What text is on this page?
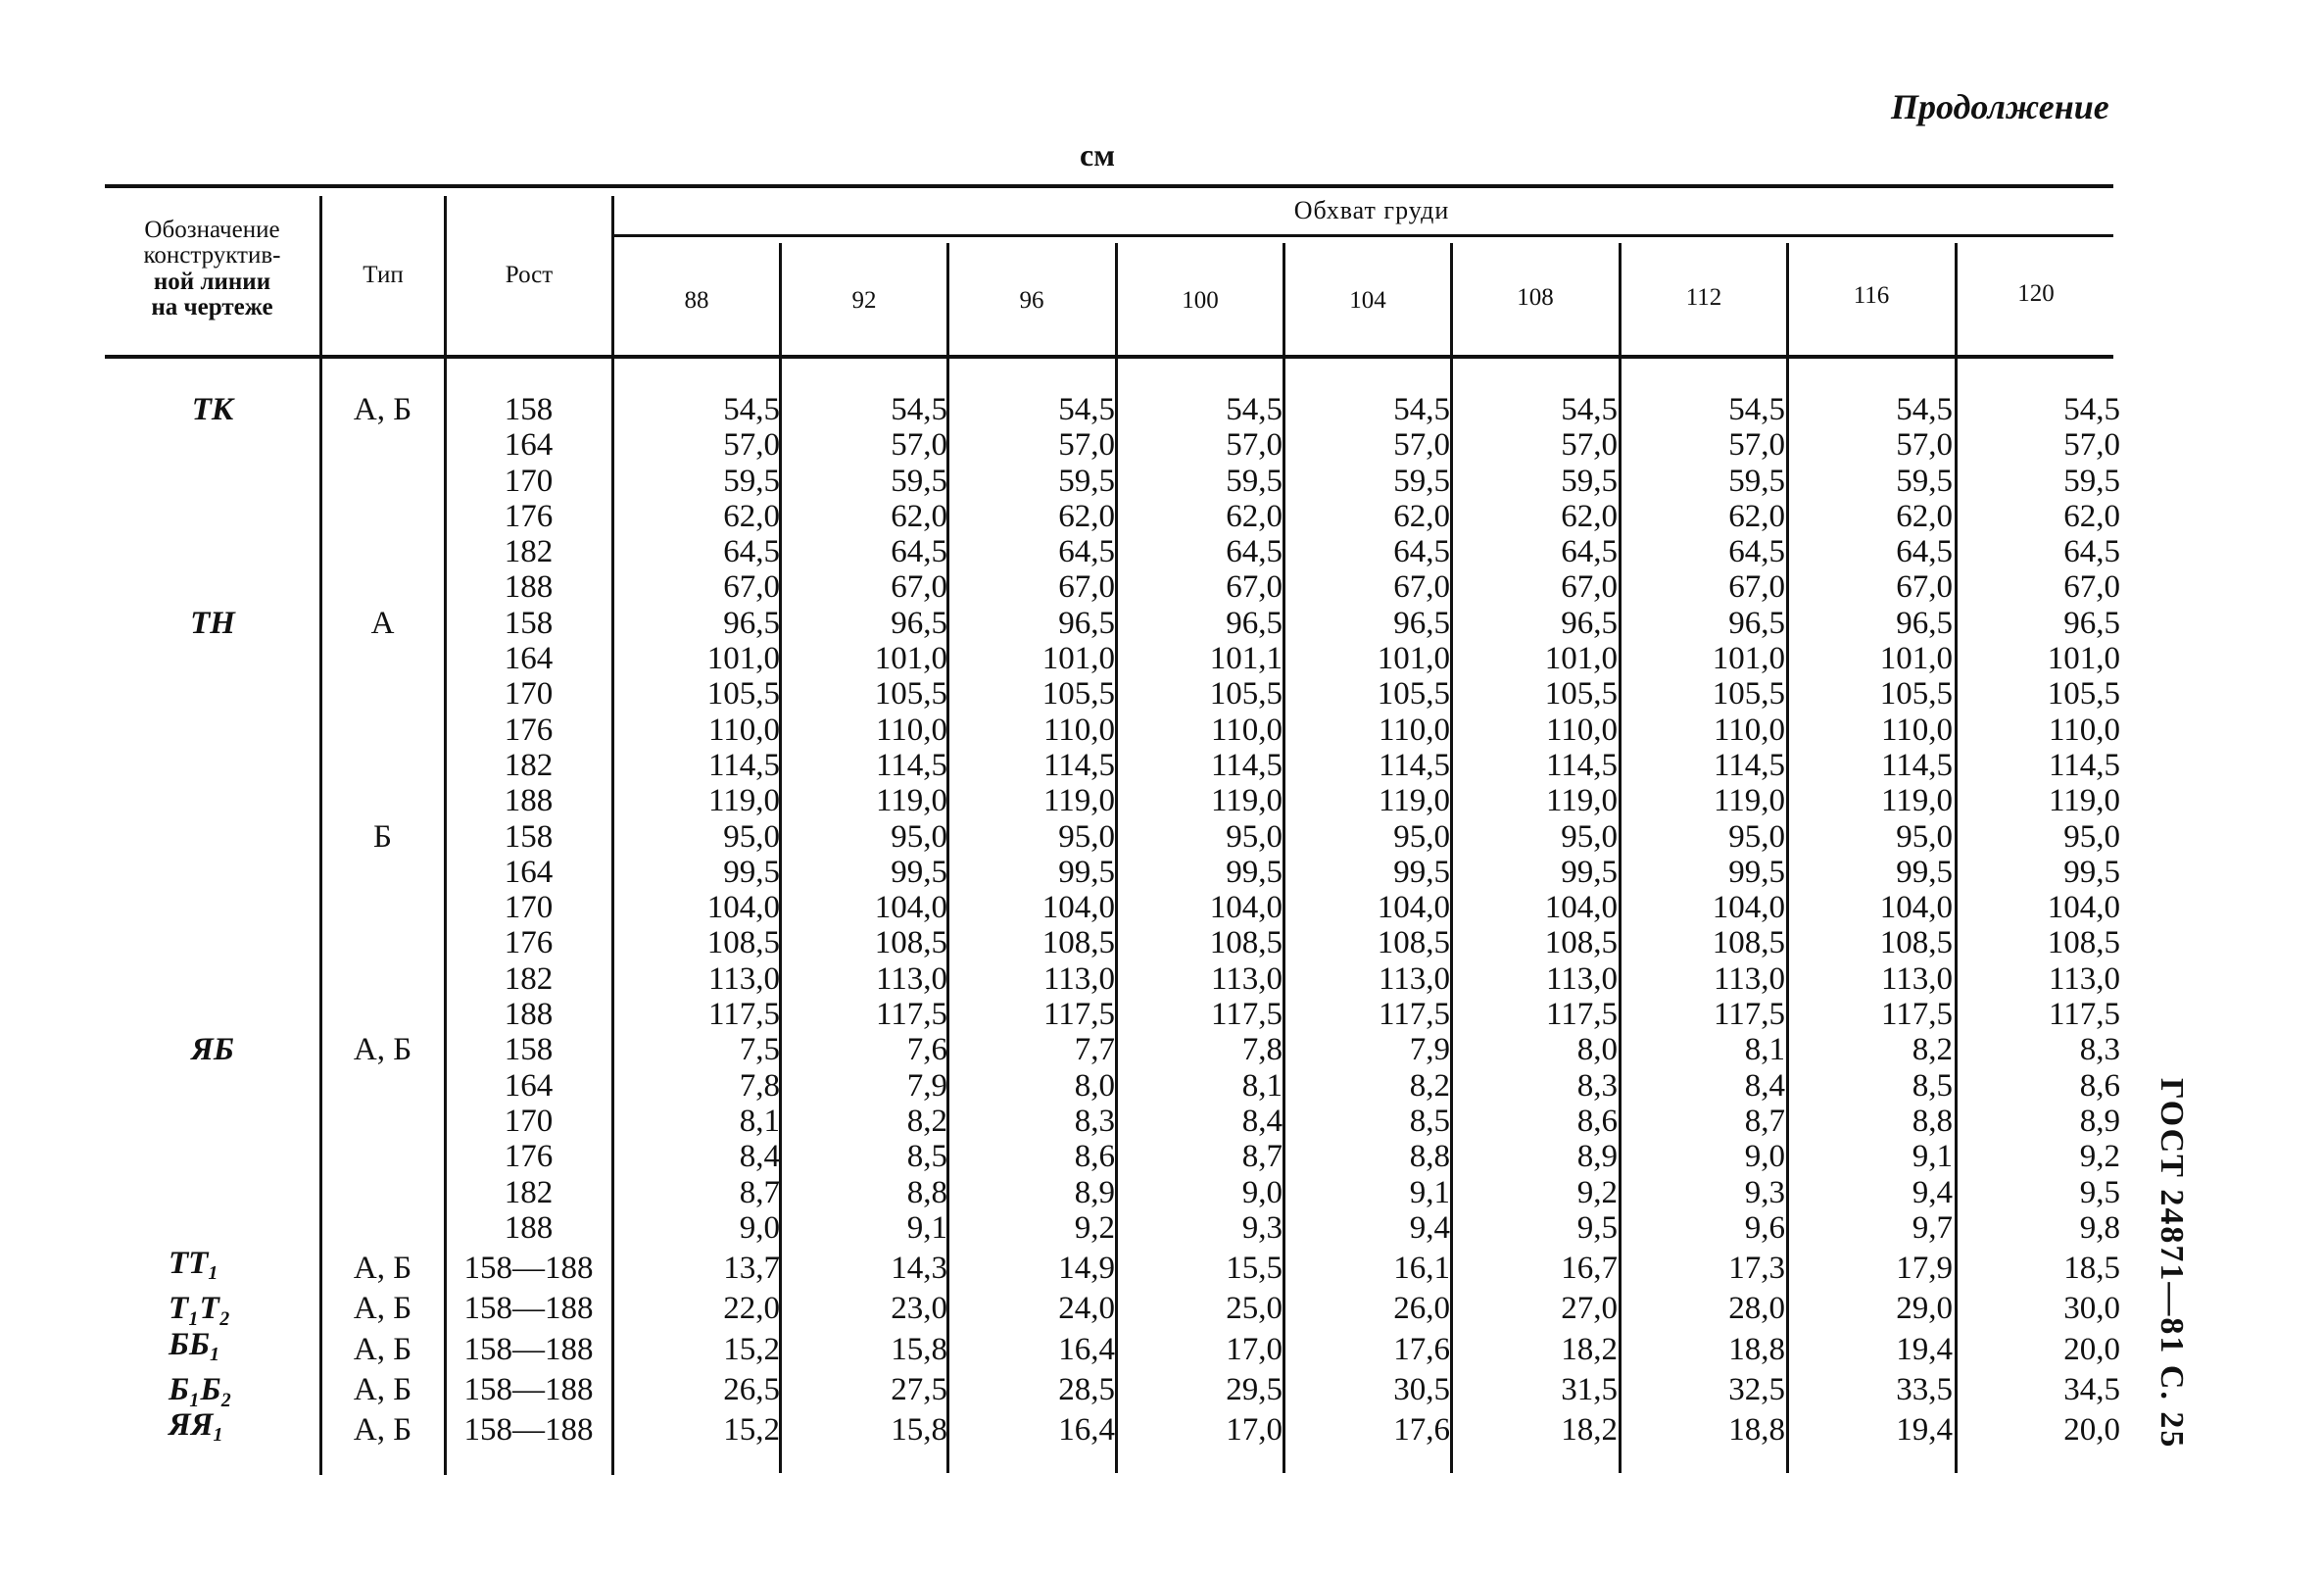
Продолжение
см
Обозначение
конструктив-
ной линии
на чертеже
Тип	Рост
Обхват груди
88	92	96	100	104	108	112	116	120
ТК	А, Б	158	54,5	54,5	54,5	54,5	54,5	54,5	54,5	54,5	54,5
		164	57,0	57,0	57,0	57,0	57,0	57,0	57,0	57,0	57,0
		170	59,5	59,5	59,5	59,5	59,5	59,5	59,5	59,5	59,5
		176	62,0	62,0	62,0	62,0	62,0	62,0	62,0	62,0	62,0
		182	64,5	64,5	64,5	64,5	64,5	64,5	64,5	64,5	64,5
		188	67,0	67,0	67,0	67,0	67,0	67,0	67,0	67,0	67,0
ТН	А	158	96,5	96,5	96,5	96,5	96,5	96,5	96,5	96,5	96,5
		164	101,0	101,0	101,0	101,1	101,0	101,0	101,0	101,0	101,0
		170	105,5	105,5	105,5	105,5	105,5	105,5	105,5	105,5	105,5
		176	110,0	110,0	110,0	110,0	110,0	110,0	110,0	110,0	110,0
		182	114,5	114,5	114,5	114,5	114,5	114,5	114,5	114,5	114,5
		188	119,0	119,0	119,0	119,0	119,0	119,0	119,0	119,0	119,0
	Б	158	95,0	95,0	95,0	95,0	95,0	95,0	95,0	95,0	95,0
		164	99,5	99,5	99,5	99,5	99,5	99,5	99,5	99,5	99,5
		170	104,0	104,0	104,0	104,0	104,0	104,0	104,0	104,0	104,0
		176	108,5	108,5	108,5	108,5	108,5	108,5	108,5	108,5	108,5
		182	113,0	113,0	113,0	113,0	113,0	113,0	113,0	113,0	113,0
		188	117,5	117,5	117,5	117,5	117,5	117,5	117,5	117,5	117,5
ЯБ	А, Б	158	7,5	7,6	7,7	7,8	7,9	8,0	8,1	8,2	8,3
		164	7,8	7,9	8,0	8,1	8,2	8,3	8,4	8,5	8,6
		170	8,1	8,2	8,3	8,4	8,5	8,6	8,7	8,8	8,9
		176	8,4	8,5	8,6	8,7	8,8	8,9	9,0	9,1	9,2
		182	8,7	8,8	8,9	9,0	9,1	9,2	9,3	9,4	9,5
		188	9,0	9,1	9,2	9,3	9,4	9,5	9,6	9,7	9,8
$ТТ_1$	А, Б	158—188	13,7	14,3	14,9	15,5	16,1	16,7	17,3	17,9	18,5
Т₁Т₂	А, Б	158—188	22,0	23,0	24,0	25,0	26,0	27,0	28,0	29,0	30,0
$ББ_1$	А, Б	158—188	15,2	15,8	16,4	17,0	17,6	18,2	18,8	19,4	20,0
Б₁Б₂	А, Б	158—188	26,5	27,5	28,5	29,5	30,5	31,5	32,5	33,5	34,5
$ЯЯ_1$	А, Б	158—188	15,2	15,8	16,4	17,0	17,6	18,2	18,8	19,4	20,0 ГОСТ 24871—81 С. 25
